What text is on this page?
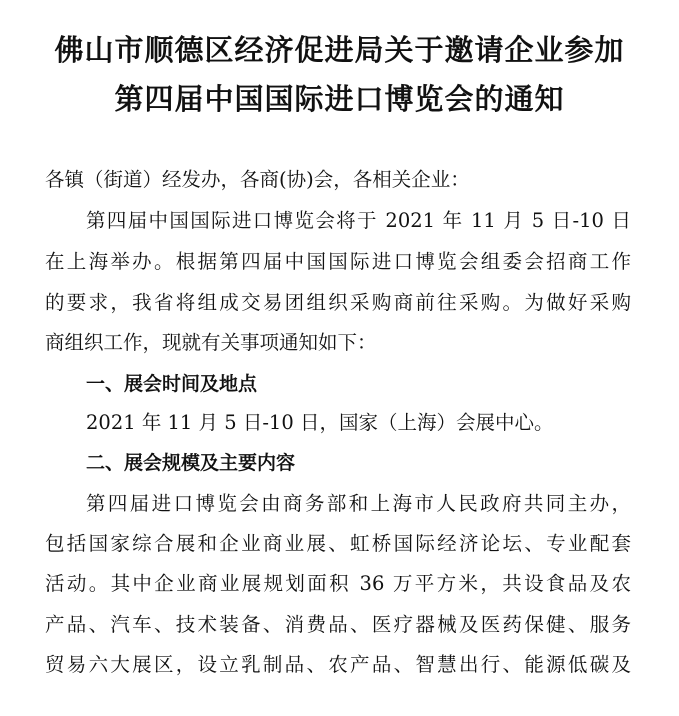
佛山市顺德区经济促进局关于邀请企业参加
第四届中国国际进口博览会的通知

各镇（街道）经发办，各商(协)会，各相关企业：

第四届中国国际进口博览会将于 2021 年 11 月 5 日-10 日

在上海举办。根据第四届中国国际进口博览会组委会招商工作

的要求，我省将组成交易团组织采购商前往采购。为做好采购

商组织工作，现就有关事项通知如下：

一、展会时间及地点

2021 年 11 月 5 日-10 日，国家（上海）会展中心。

二、展会规模及主要内容

第四届进口博览会由商务部和上海市人民政府共同主办，

包括国家综合展和企业商业展、虹桥国际经济论坛、专业配套

活动。其中企业商业展规划面积 36 万平方米，共设食品及农

产品、汽车、技术装备、消费品、医疗器械及医药保健、服务

贸易六大展区，设立乳制品、农产品、智慧出行、能源低碳及
